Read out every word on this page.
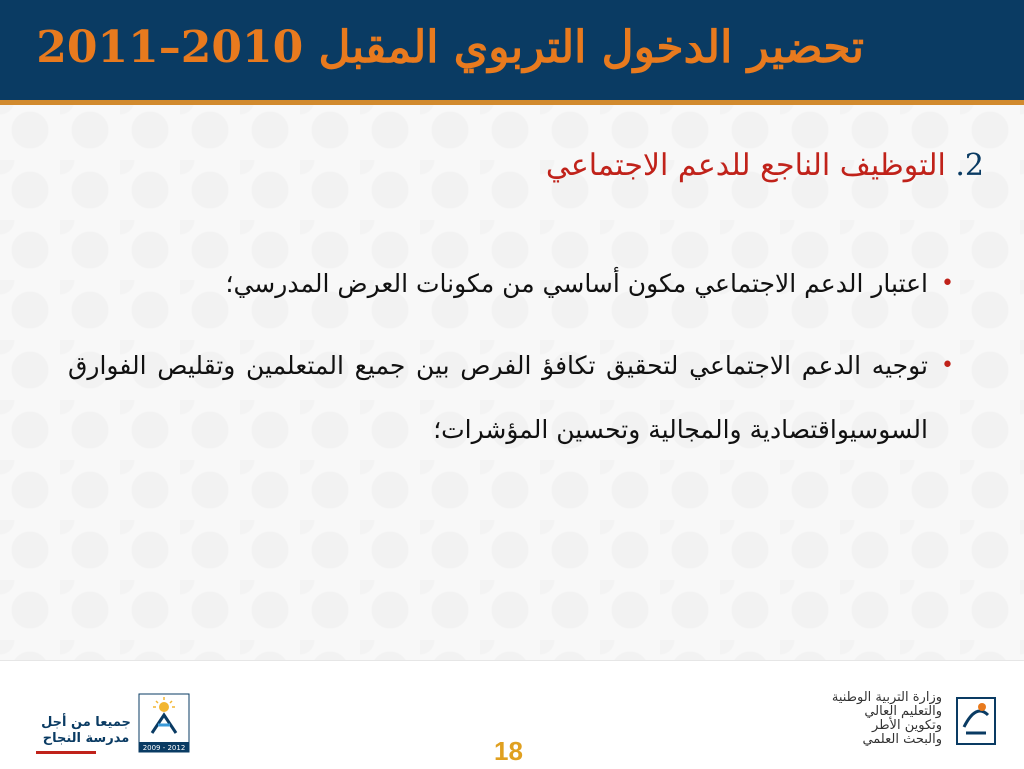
تحضير الدخول التربوي المقبل 2010–2011
2. التوظيف الناجع للدعم الاجتماعي
•
اعتبار الدعم الاجتماعي مكون أساسي من مكونات العرض المدرسي؛
•
توجيه الدعم الاجتماعي لتحقيق تكافؤ الفرص بين جميع المتعلمين وتقليص الفوارق السوسيواقتصادية والمجالية وتحسين المؤشرات؛
وزارة التربية الوطنية
والتعليم العالي
وتكوين الأطر
والبحث العلمي
2009 - 2012
جميعا من أجل
مدرسة النجاح	18
